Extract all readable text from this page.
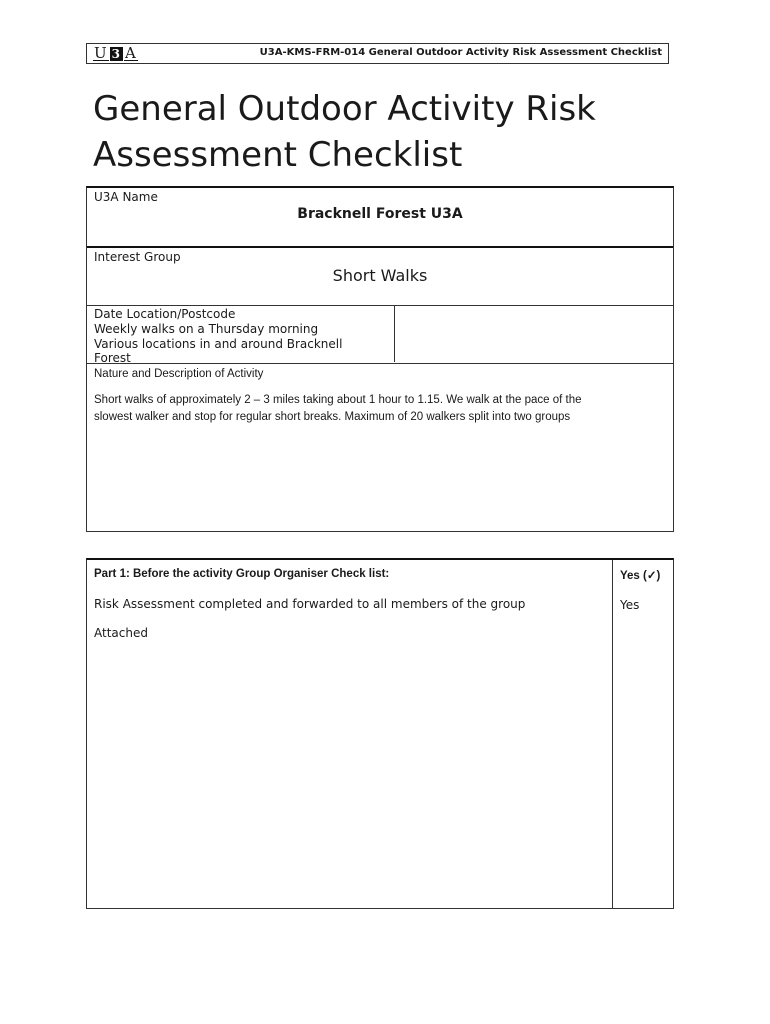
U 3 A	U3A-KMS-FRM-014 General Outdoor Activity Risk Assessment Checklist
General Outdoor Activity Risk
Assessment Checklist
U3A Name
Bracknell Forest U3A
Interest Group
Short Walks
Date Location/Postcode
Weekly walks on a Thursday morning
Various locations in and around Bracknell
Forest
Nature and Description of Activity
Short walks of approximately 2 – 3 miles taking about 1 hour to 1.15. We walk at the pace of the
slowest walker and stop for regular short breaks. Maximum of 20 walkers split into two groups
Part 1: Before the activity Group Organiser Check list:	Yes (✓)
Risk Assessment completed and forwarded to all members of the group	Yes
Attached
